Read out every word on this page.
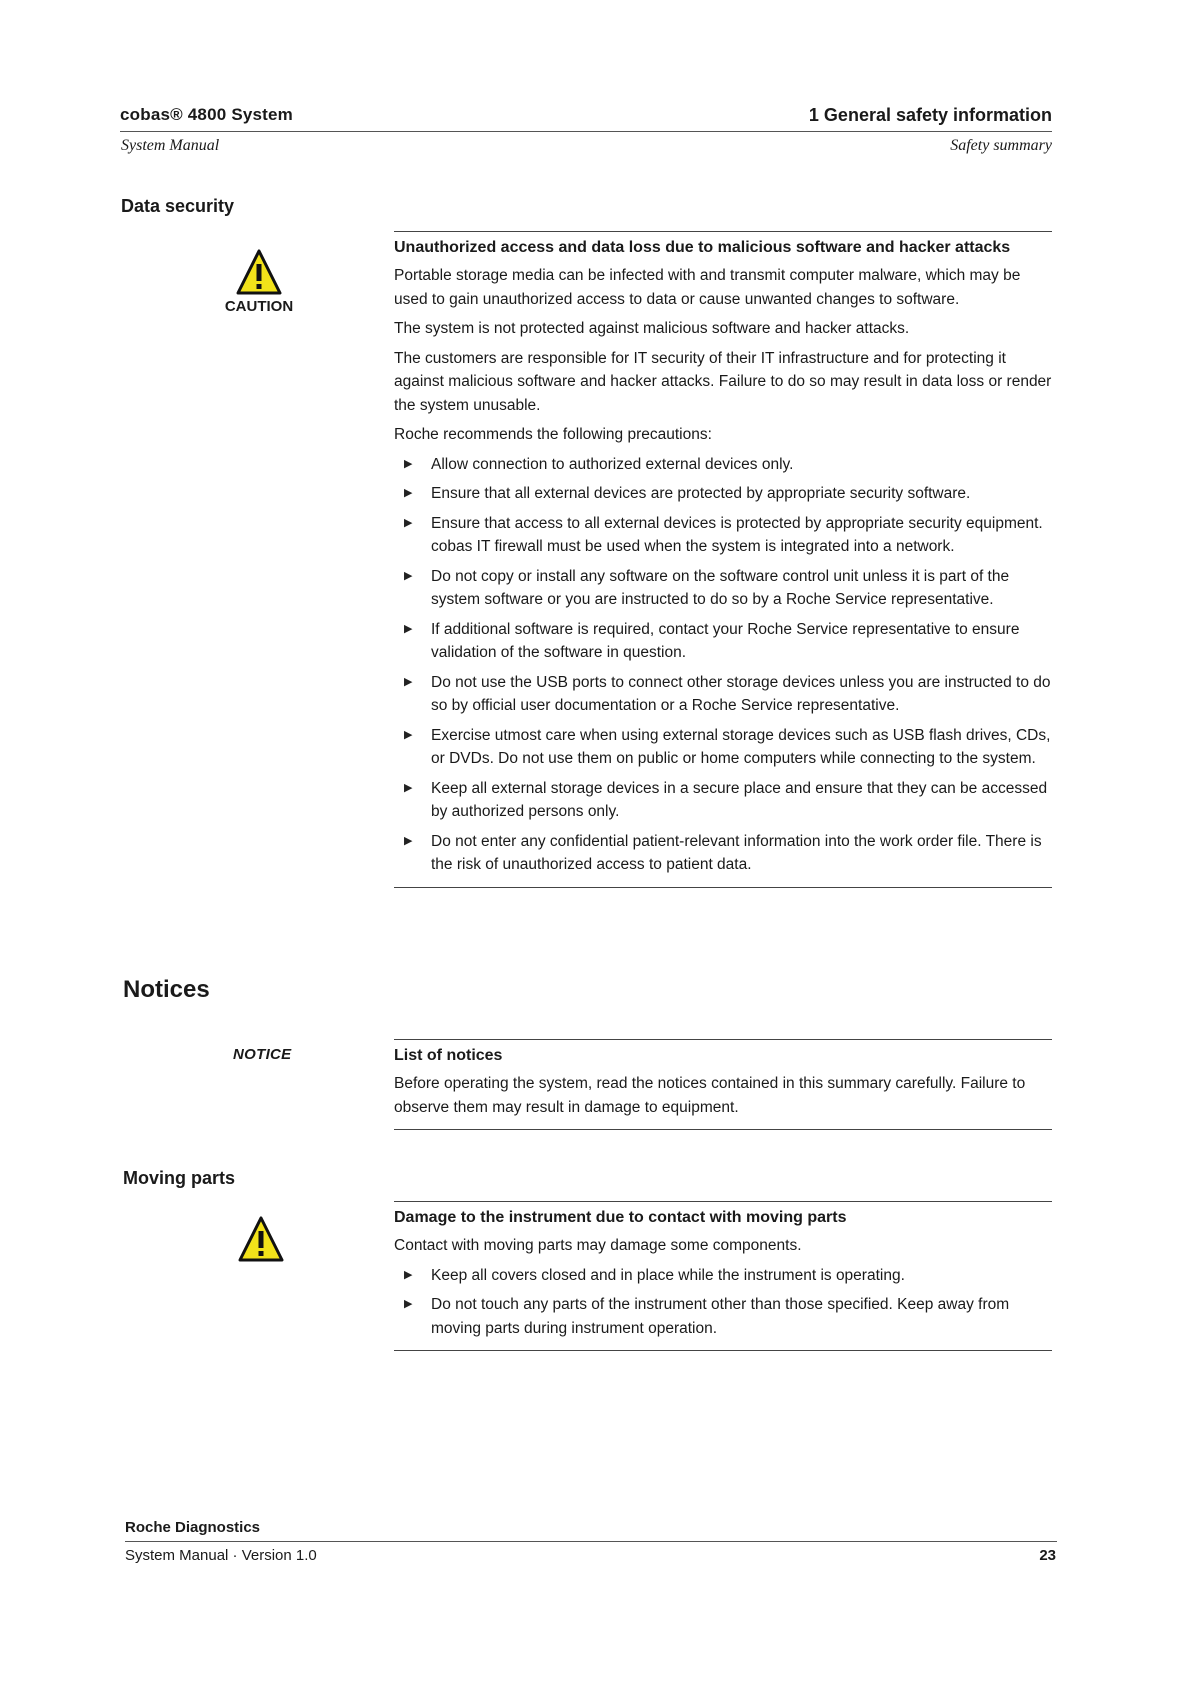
cobas® 4800 System
System Manual
1 General safety information
Safety summary
Data security
CAUTION
Unauthorized access and data loss due to malicious software and hacker attacks

Portable storage media can be infected with and transmit computer malware, which may be used to gain unauthorized access to data or cause unwanted changes to software.

The system is not protected against malicious software and hacker attacks.

The customers are responsible for IT security of their IT infrastructure and for protecting it against malicious software and hacker attacks. Failure to do so may result in data loss or render the system unusable.

Roche recommends the following precautions:

▶ Allow connection to authorized external devices only.
▶ Ensure that all external devices are protected by appropriate security software.
▶ Ensure that access to all external devices is protected by appropriate security equipment. cobas IT firewall must be used when the system is integrated into a network.
▶ Do not copy or install any software on the software control unit unless it is part of the system software or you are instructed to do so by a Roche Service representative.
▶ If additional software is required, contact your Roche Service representative to ensure validation of the software in question.
▶ Do not use the USB ports to connect other storage devices unless you are instructed to do so by official user documentation or a Roche Service representative.
▶ Exercise utmost care when using external storage devices such as USB flash drives, CDs, or DVDs. Do not use them on public or home computers while connecting to the system.
▶ Keep all external storage devices in a secure place and ensure that they can be accessed by authorized persons only.
▶ Do not enter any confidential patient-relevant information into the work order file. There is the risk of unauthorized access to patient data.
Notices
NOTICE	List of notices

Before operating the system, read the notices contained in this summary carefully. Failure to observe them may result in damage to equipment.

Moving parts
Damage to the instrument due to contact with moving parts

Contact with moving parts may damage some components.

▶ Keep all covers closed and in place while the instrument is operating.
▶ Do not touch any parts of the instrument other than those specified. Keep away from moving parts during instrument operation.
Roche Diagnostics
System Manual · Version 1.0	23
